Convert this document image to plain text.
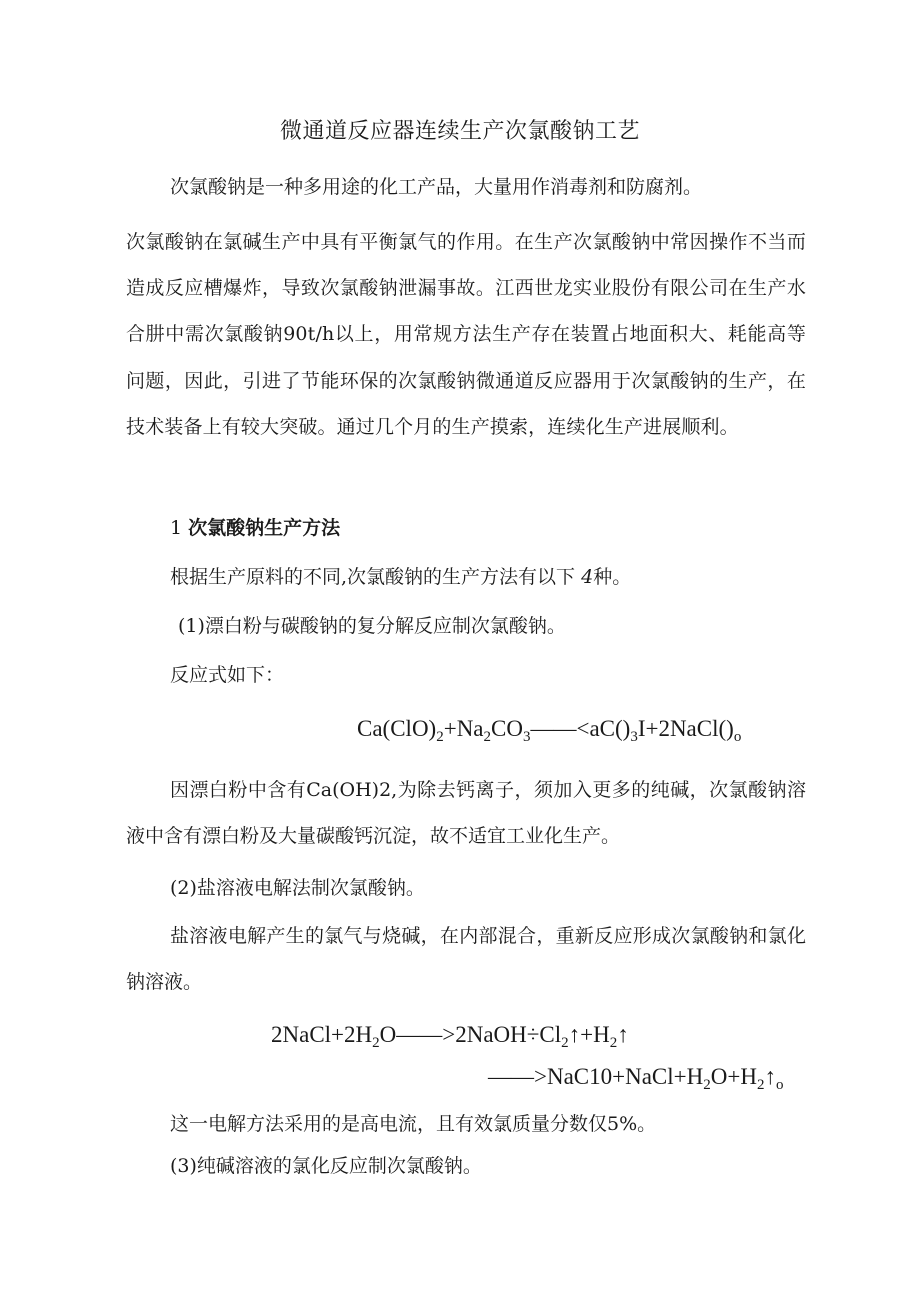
微通道反应器连续生产次氯酸钠工艺
次氯酸钠是一种多用途的化工产品，大量用作消毒剂和防腐剂。
次氯酸钠在氯碱生产中具有平衡氯气的作用。在生产次氯酸钠中常因操作不当而造成反应槽爆炸，导致次氯酸钠泄漏事故。江西世龙实业股份有限公司在生产水合肼中需次氯酸钠90t/h以上，用常规方法生产存在装置占地面积大、耗能高等问题，因此，引进了节能环保的次氯酸钠微通道反应器用于次氯酸钠的生产，在技术装备上有较大突破。通过几个月的生产摸索，连续化生产进展顺利。
1 次氯酸钠生产方法
根据生产原料的不同,次氯酸钠的生产方法有以下 4种。
(1)漂白粉与碳酸钠的复分解反应制次氯酸钠。
反应式如下：
$Ca(ClO)_2+Na_2CO_3——<aC()_3I+2NaCl()_o$
因漂白粉中含有Ca(OH)2,为除去钙离子，须加入更多的纯碱，次氯酸钠溶液中含有漂白粉及大量碳酸钙沉淀，故不适宜工业化生产。
(2)盐溶液电解法制次氯酸钠。
盐溶液电解产生的氯气与烧碱，在内部混合，重新反应形成次氯酸钠和氯化钠溶液。
$2NaCl+2H_2O——>2NaOH\div Cl_2↑+H_2↑$
$——>NaC10+NaCl+H_2O+H_2↑_o$
这一电解方法采用的是高电流，且有效氯质量分数仅5%。
(3)纯碱溶液的氯化反应制次氯酸钠。
